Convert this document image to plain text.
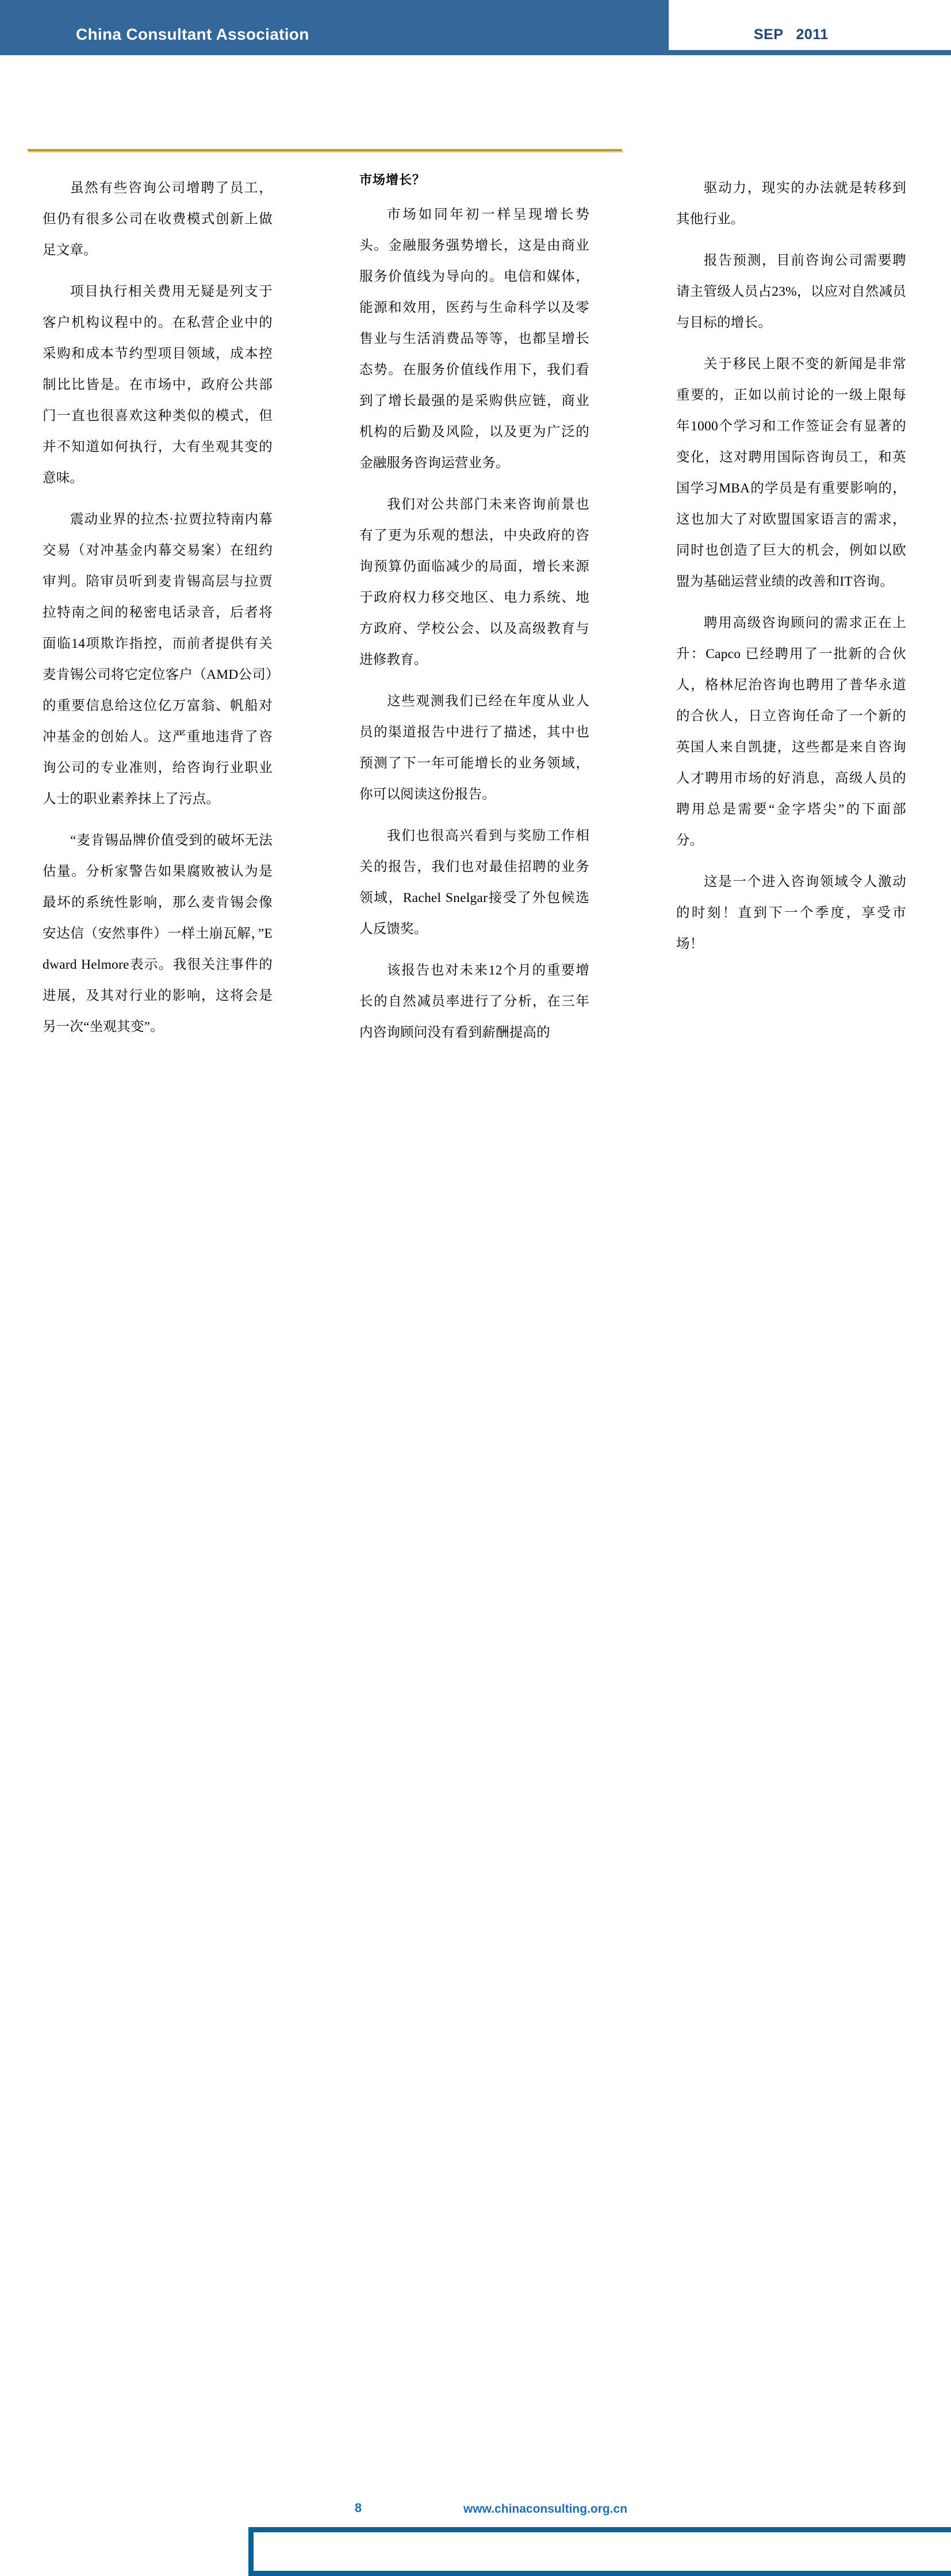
China Consultant Association	SEP 2011

虽然有些咨询公司增聘了员工，但仍有很多公司在收费模式创新上做足文章。

项目执行相关费用无疑是列支于客户机构议程中的。在私营企业中的采购和成本节约型项目领域，成本控制比比皆是。在市场中，政府公共部门一直也很喜欢这种类似的模式，但并不知道如何执行，大有坐观其变的意味。

震动业界的拉杰·拉贾拉特南内幕交易（对冲基金内幕交易案）在纽约审判。陪审员听到麦肯锡高层与拉贾拉特南之间的秘密电话录音，后者将面临14项欺诈指控，而前者提供有关麦肯锡公司将它定位客户（AMD公司）的重要信息给这位亿万富翁、帆船对冲基金的创始人。这严重地违背了咨询公司的专业准则，给咨询行业职业人士的职业素养抹上了污点。

“麦肯锡品牌价值受到的破坏无法估量。分析家警告如果腐败被认为是最坏的系统性影响，那么麦肯锡会像安达信（安然事件）一样土崩瓦解，”Edward Helmore表示。我很关注事件的进展，及其对行业的影响，这将会是另一次“坐观其变”。

市场增长？

市场如同年初一样呈现增长势头。金融服务强势增长，这是由商业服务价值线为导向的。电信和媒体，能源和效用，医药与生命科学以及零售业与生活消费品等等，也都呈增长态势。在服务价值线作用下，我们看到了增长最强的是采购供应链，商业机构的后勤及风险，以及更为广泛的金融服务咨询运营业务。

我们对公共部门未来咨询前景也有了更为乐观的想法，中央政府的咨询预算仍面临减少的局面，增长来源于政府权力移交地区、电力系统、地方政府、学校公会、以及高级教育与进修教育。

这些观测我们已经在年度从业人员的渠道报告中进行了描述，其中也预测了下一年可能增长的业务领域，你可以阅读这份报告。

我们也很高兴看到与奖励工作相关的报告，我们也对最佳招聘的业务领域，Rachel Snelgar接受了外包候选人反馈奖。

该报告也对未来12个月的重要增长的自然减员率进行了分析，在三年内咨询顾问没有看到薪酬提高的

驱动力，现实的办法就是转移到其他行业。

报告预测，目前咨询公司需要聘请主管级人员占23%，以应对自然减员与目标的增长。

关于移民上限不变的新闻是非常重要的，正如以前讨论的一级上限每年1000个学习和工作签证会有显著的变化，这对聘用国际咨询员工，和英国学习MBA的学员是有重要影响的，这也加大了对欧盟国家语言的需求，同时也创造了巨大的机会，例如以欧盟为基础运营业绩的改善和IT咨询。

聘用高级咨询顾问的需求正在上升：Capco 已经聘用了一批新的合伙人，格林尼治咨询也聘用了普华永道的合伙人，日立咨询任命了一个新的英国人来自凯捷，这些都是来自咨询人才聘用市场的好消息，高级人员的聘用总是需要“金字塔尖”的下面部分。

这是一个进入咨询领域令人激动的时刻！直到下一个季度，享受市场！

8	www.chinaconsulting.org.cn
